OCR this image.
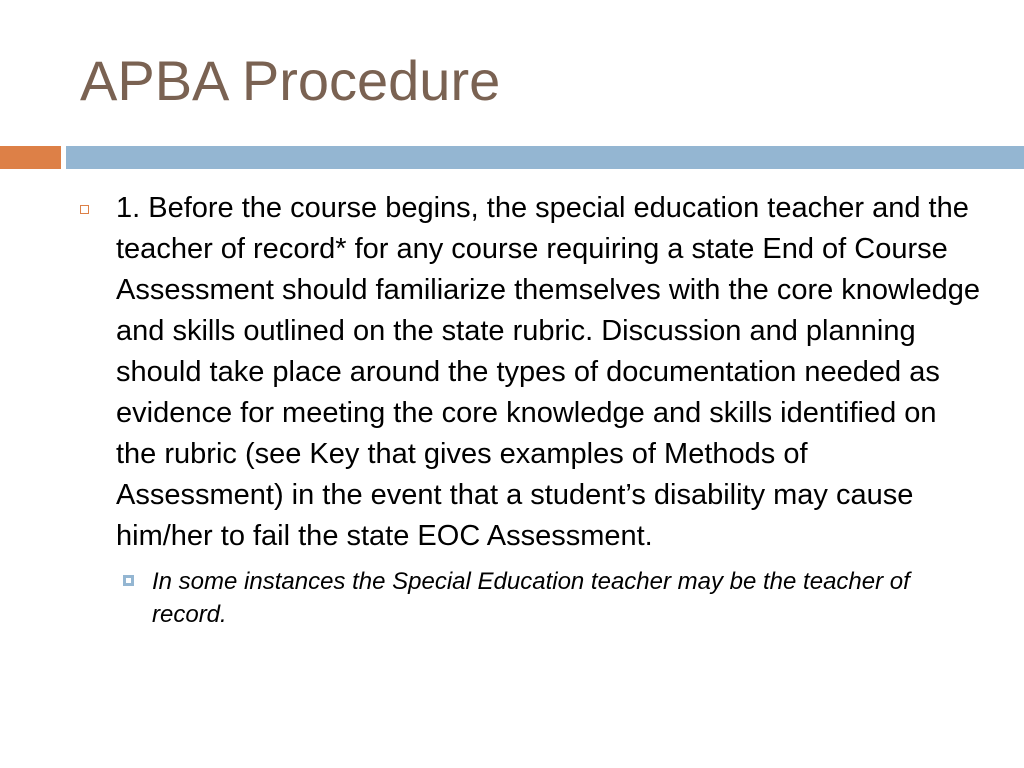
APBA Procedure
1. Before the course begins, the special education teacher and the teacher of record* for any course requiring a state End of Course Assessment should familiarize themselves with the core knowledge and skills outlined on the state rubric. Discussion and planning should take place around the types of documentation needed as evidence for meeting the core knowledge and skills identified on the rubric (see Key that gives examples of Methods of Assessment) in the event that a student’s disability may cause him/her to fail the state EOC Assessment.
In some instances the Special Education teacher may be the teacher of record.
